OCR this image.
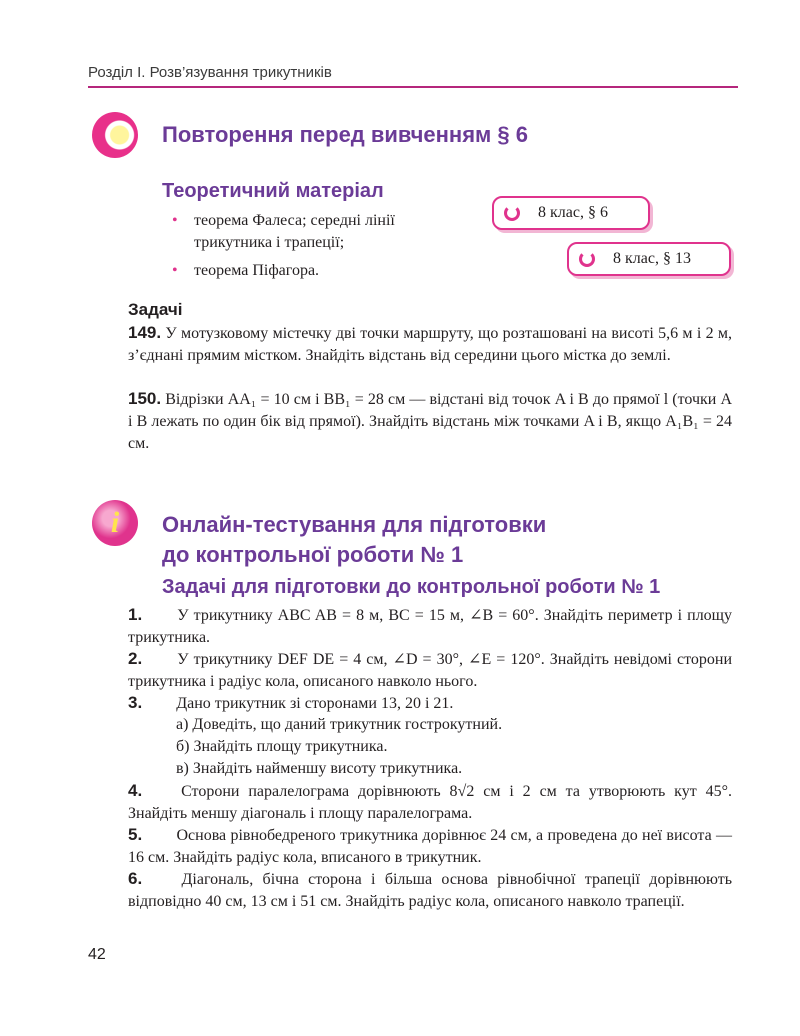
Розділ І. Розв’язування трикутників
Повторення перед вивченням § 6
Теоретичний матеріал
• теорема Фалеса; середні лінії трикутника і трапеції;
• теорема Піфагора.
8 клас, § 6
8 клас, § 13
Задачі
149. У мотузковому містечку дві точки маршруту, що розташовані на висоті 5,6 м і 2 м, з’єднані прямим містком. Знайдіть відстань від середини цього містка до землі.
150. Відрізки AA₁ = 10 см і BB₁ = 28 см — відстані від точок A і B до прямої l (точки A і B лежать по один бік від прямої). Знайдіть відстань між точками A і B, якщо A₁B₁ = 24 см.
i	Онлайн-тестування для підготовки
до контрольної роботи № 1
Задачі для підготовки до контрольної роботи № 1
1. У трикутнику ABC AB = 8 м, BC = 15 м, ∠B = 60°. Знайдіть периметр і площу трикутника.
2. У трикутнику DEF DE = 4 см, ∠D = 30°, ∠E = 120°. Знайдіть невідомі сторони трикутника і радіус кола, описаного навколо нього.
3. Дано трикутник зі сторонами 13, 20 і 21.
а) Доведіть, що даний трикутник гострокутний.
б) Знайдіть площу трикутника.
в) Знайдіть найменшу висоту трикутника.
4. Сторони паралелограма дорівнюють 8√2 см і 2 см та утворюють кут 45°. Знайдіть меншу діагональ і площу паралелограма.
5. Основа рівнобедреного трикутника дорівнює 24 см, а проведена до неї висота — 16 см. Знайдіть радіус кола, вписаного в трикутник.
6. Діагональ, бічна сторона і більша основа рівнобічної трапеції дорівнюють відповідно 40 см, 13 см і 51 см. Знайдіть радіус кола, описаного навколо трапеції.
42
